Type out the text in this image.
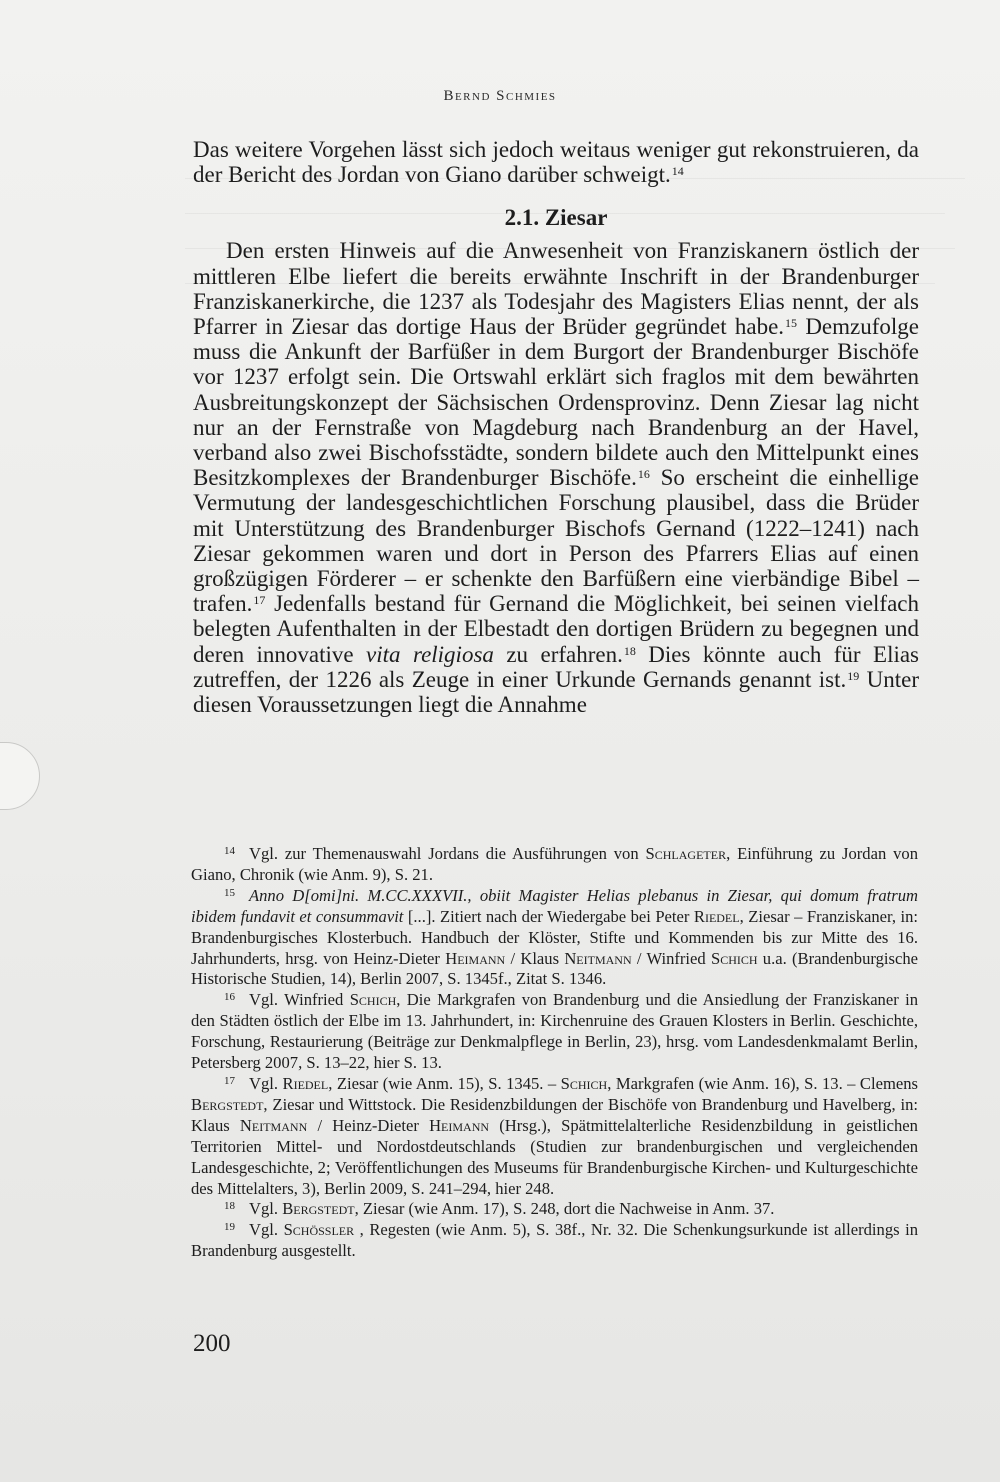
Bernd Schmies

Das weitere Vorgehen lässt sich jedoch weitaus weniger gut rekonstruieren, da der Bericht des Jordan von Giano darüber schweigt.$^{14}$

2.1. Ziesar

Den ersten Hinweis auf die Anwesenheit von Franziskanern östlich der mittleren Elbe liefert die bereits erwähnte Inschrift in der Brandenburger Franziskanerkirche, die 1237 als Todesjahr des Magisters Elias nennt, der als Pfarrer in Ziesar das dortige Haus der Brüder gegründet habe.$^{15}$ Demzufolge muss die Ankunft der Barfüßer in dem Burgort der Brandenburger Bischöfe vor 1237 erfolgt sein. Die Ortswahl erklärt sich fraglos mit dem bewährten Ausbreitungskonzept der Sächsischen Ordensprovinz. Denn Ziesar lag nicht nur an der Fernstraße von Magdeburg nach Brandenburg an der Havel, verband also zwei Bischofsstädte, sondern bildete auch den Mittelpunkt eines Besitzkomplexes der Brandenburger Bischöfe.$^{16}$ So erscheint die einhellige Vermutung der landesgeschichtlichen Forschung plausibel, dass die Brüder mit Unterstützung des Brandenburger Bischofs Gernand (1222–1241) nach Ziesar gekommen waren und dort in Person des Pfarrers Elias auf einen großzügigen Förderer – er schenkte den Barfüßern eine vierbändige Bibel – trafen.$^{17}$ Jedenfalls bestand für Gernand die Möglichkeit, bei seinen vielfach belegten Aufenthalten in der Elbestadt den dortigen Brüdern zu begegnen und deren innovative vita religiosa zu erfahren.$^{18}$ Dies könnte auch für Elias zutreffen, der 1226 als Zeuge in einer Urkunde Gernands genannt ist.$^{19}$ Unter diesen Voraussetzungen liegt die Annahme

$^{14}$ Vgl. zur Themenauswahl Jordans die Ausführungen von Schlageter, Einführung zu Jordan von Giano, Chronik (wie Anm. 9), S. 21.

$^{15}$ Anno D[omi]ni. M.CC.XXXVII., obiit Magister Helias plebanus in Ziesar, qui domum fratrum ibidem fundavit et consummavit [...]. Zitiert nach der Wiedergabe bei Peter Riedel, Ziesar – Franziskaner, in: Brandenburgisches Klosterbuch. Handbuch der Klöster, Stifte und Kommenden bis zur Mitte des 16. Jahrhunderts, hrsg. von Heinz-Dieter Heimann / Klaus Neitmann / Winfried Schich u.a. (Brandenburgische Historische Studien, 14), Berlin 2007, S. 1345f., Zitat S. 1346.

$^{16}$ Vgl. Winfried Schich, Die Markgrafen von Brandenburg und die Ansiedlung der Franziskaner in den Städten östlich der Elbe im 13. Jahrhundert, in: Kirchenruine des Grauen Klosters in Berlin. Geschichte, Forschung, Restaurierung (Beiträge zur Denkmalpflege in Berlin, 23), hrsg. vom Landesdenkmalamt Berlin, Petersberg 2007, S. 13–22, hier S. 13.

$^{17}$ Vgl. Riedel, Ziesar (wie Anm. 15), S. 1345. – Schich, Markgrafen (wie Anm. 16), S. 13. – Clemens Bergstedt, Ziesar und Wittstock. Die Residenzbildungen der Bischöfe von Brandenburg und Havelberg, in: Klaus Neitmann / Heinz-Dieter Heimann (Hrsg.), Spätmittelalterliche Residenzbildung in geistlichen Territorien Mittel- und Nordostdeutschlands (Studien zur brandenburgischen und vergleichenden Landesgeschichte, 2; Veröffentlichungen des Museums für Brandenburgische Kirchen- und Kulturgeschichte des Mittelalters, 3), Berlin 2009, S. 241–294, hier 248.

$^{18}$ Vgl. Bergstedt, Ziesar (wie Anm. 17), S. 248, dort die Nachweise in Anm. 37.

$^{19}$ Vgl. Schössler , Regesten (wie Anm. 5), S. 38f., Nr. 32. Die Schenkungsurkunde ist allerdings in Brandenburg ausgestellt.

200
